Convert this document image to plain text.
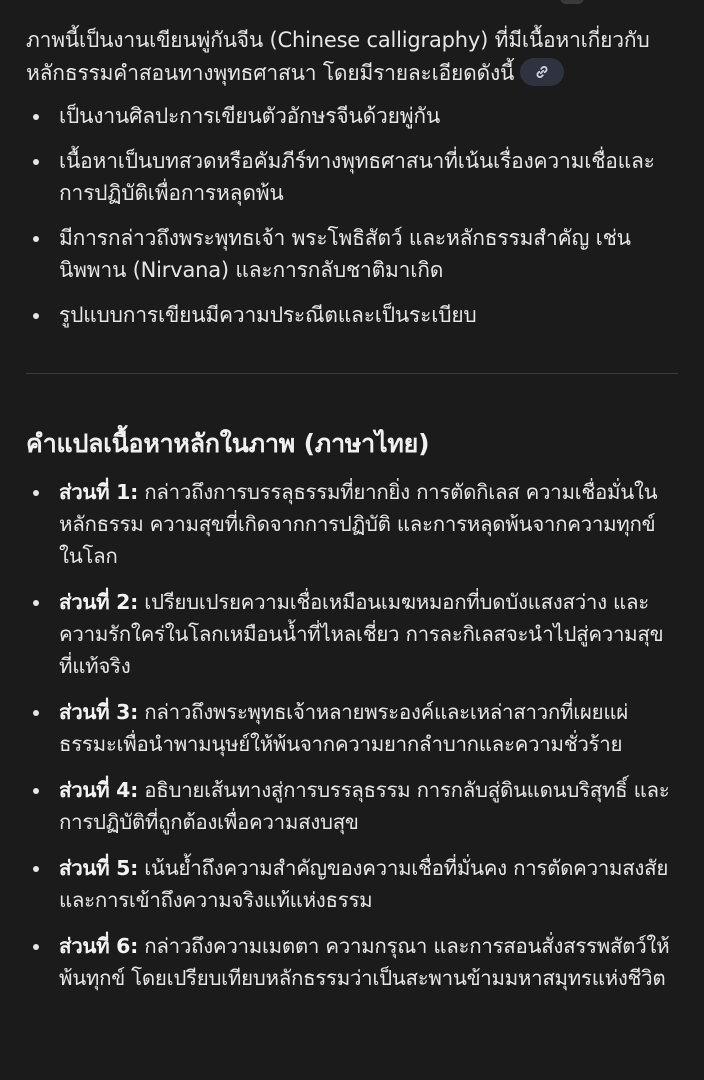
ภาพนี้เป็นงานเขียนพู่กันจีน (Chinese calligraphy) ที่มีเนื้อหาเกี่ยวกับหลักธรรมคำสอนทางพุทธศาสนา โดยมีรายละเอียดดังนี้

เป็นงานศิลปะการเขียนตัวอักษรจีนด้วยพู่กัน
เนื้อหาเป็นบทสวดหรือคัมภีร์ทางพุทธศาสนาที่เน้นเรื่องความเชื่อและการปฏิบัติเพื่อการหลุดพ้น
มีการกล่าวถึงพระพุทธเจ้า พระโพธิสัตว์ และหลักธรรมสำคัญ เช่น นิพพาน (Nirvana) และการกลับชาติมาเกิด
รูปแบบการเขียนมีความประณีตและเป็นระเบียบ
คำแปลเนื้อหาหลักในภาพ (ภาษาไทย)
ส่วนที่ 1: กล่าวถึงการบรรลุธรรมที่ยากยิ่ง การตัดกิเลส ความเชื่อมั่นในหลักธรรม ความสุขที่เกิดจากการปฏิบัติ และการหลุดพ้นจากความทุกข์ในโลก
ส่วนที่ 2: เปรียบเปรยความเชื่อเหมือนเมฆหมอกที่บดบังแสงสว่าง และความรักใคร่ในโลกเหมือนน้ำที่ไหลเชี่ยว การละกิเลสจะนำไปสู่ความสุขที่แท้จริง
ส่วนที่ 3: กล่าวถึงพระพุทธเจ้าหลายพระองค์และเหล่าสาวกที่เผยแผ่ธรรมะเพื่อนำพามนุษย์ให้พ้นจากความยากลำบากและความชั่วร้าย
ส่วนที่ 4: อธิบายเส้นทางสู่การบรรลุธรรม การกลับสู่ดินแดนบริสุทธิ์ และการปฏิบัติที่ถูกต้องเพื่อความสงบสุข
ส่วนที่ 5: เน้นย้ำถึงความสำคัญของความเชื่อที่มั่นคง การตัดความสงสัย และการเข้าถึงความจริงแท้แห่งธรรม
ส่วนที่ 6: กล่าวถึงความเมตตา ความกรุณา และการสอนสั่งสรรพสัตว์ให้พ้นทุกข์ โดยเปรียบเทียบหลักธรรมว่าเป็นสะพานข้ามมหาสมุทรแห่งชีวิต
